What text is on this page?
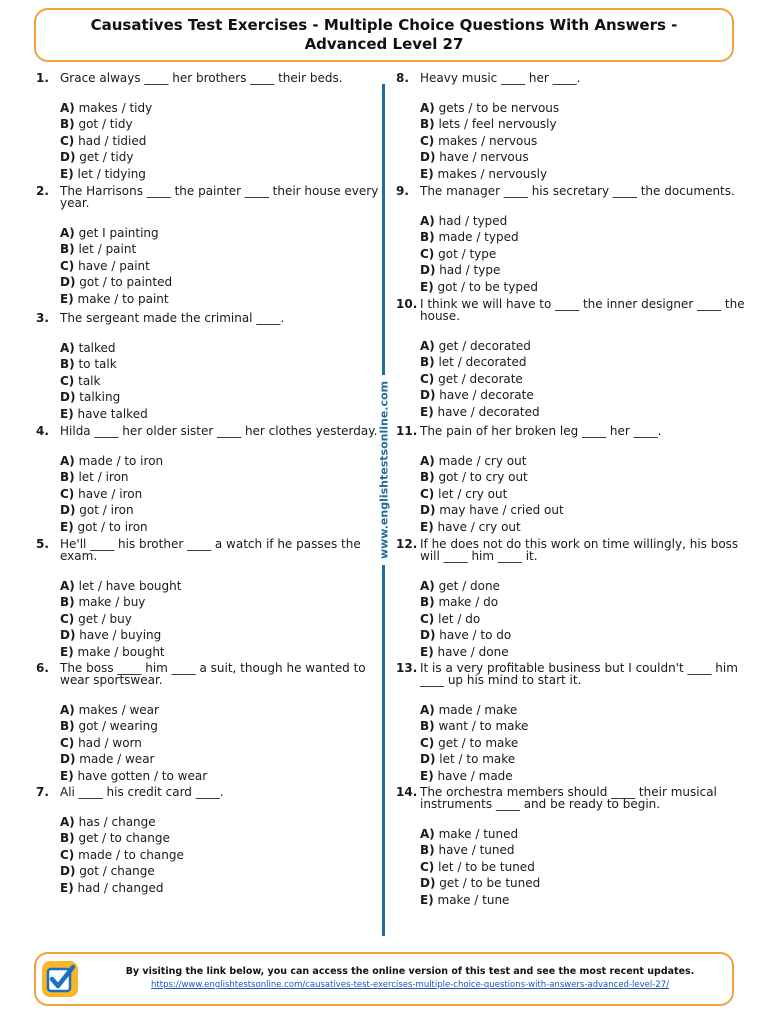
Causatives Test Exercises - Multiple Choice Questions With Answers -
Advanced Level 27
1. Grace always ____ her brothers ____ their beds.
A) makes / tidy
B) got / tidy
C) had / tidied
D) get / tidy
E) let / tidying
2. The Harrisons ____ the painter ____ their house every
year.
A) get I painting
B) let / paint
C) have / paint
D) got / to painted
E) make / to paint
3. The sergeant made the criminal ____.
A) talked
B) to talk
C) talk
D) talking
E) have talked
4. Hilda ____ her older sister ____ her clothes yesterday.
A) made / to iron
B) let / iron
C) have / iron
D) got / iron
E) got / to iron
5. He'll ____ his brother ____ a watch if he passes the
exam.
A) let / have bought
B) make / buy
C) get / buy
D) have / buying
E) make / bought
6. The boss ____ him ____ a suit, though he wanted to
wear sportswear.
A) makes / wear
B) got / wearing
C) had / worn
D) made / wear
E) have gotten / to wear
7. Ali ____ his credit card ____.
A) has / change
B) get / to change
C) made / to change
D) got / change
E) had / changed
8. Heavy music ____ her ____.
A) gets / to be nervous
B) lets / feel nervously
C) makes / nervous
D) have / nervous
E) makes / nervously
9. The manager ____ his secretary ____ the documents.
A) had / typed
B) made / typed
C) got / type
D) had / type
E) got / to be typed
10. I think we will have to ____ the inner designer ____ the
house.
A) get / decorated
B) let / decorated
C) get / decorate
D) have / decorate
E) have / decorated
11. The pain of her broken leg ____ her ____.
A) made / cry out
B) got / to cry out
C) let / cry out
D) may have / cried out
E) have / cry out
12. If he does not do this work on time willingly, his boss
will ____ him ____ it.
A) get / done
B) make / do
C) let / do
D) have / to do
E) have / done
13. It is a very profitable business but I couldn't ____ him
____ up his mind to start it.
A) made / make
B) want / to make
C) get / to make
D) let / to make
E) have / made
14. The orchestra members should ____ their musical
instruments ____ and be ready to begin.
A) make / tuned
B) have / tuned
C) let / to be tuned
D) get / to be tuned
E) make / tune
www.englishtestsonline.com
By visiting the link below, you can access the online version of this test and see the most recent updates.
https://www.englishtestsonline.com/causatives-test-exercises-multiple-choice-questions-with-answers-advanced-level-27/
